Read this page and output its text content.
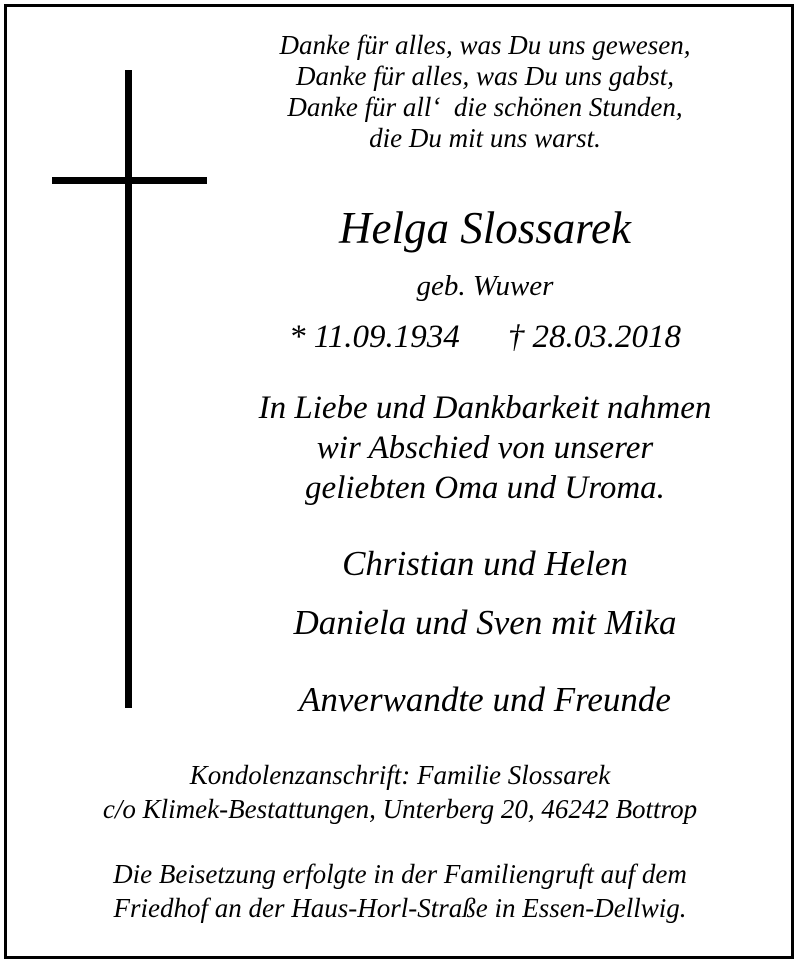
Danke für alles, was Du uns gewesen,
Danke für alles, was Du uns gabst,
Danke für all‘  die schönen Stunden,
die Du mit uns warst.
Helga Slossarek
geb. Wuwer
* 11.09.1934 † 28.03.2018
In Liebe und Dankbarkeit nahmen
wir Abschied von unserer
geliebten Oma und Uroma.
Christian und Helen
Daniela und Sven mit Mika
Anverwandte und Freunde
Kondolenzanschrift: Familie Slossarek
c/o Klimek-Bestattungen, Unterberg 20, 46242 Bottrop
Die Beisetzung erfolgte in der Familiengruft auf dem
Friedhof an der Haus-Horl-Straße in Essen-Dellwig.
